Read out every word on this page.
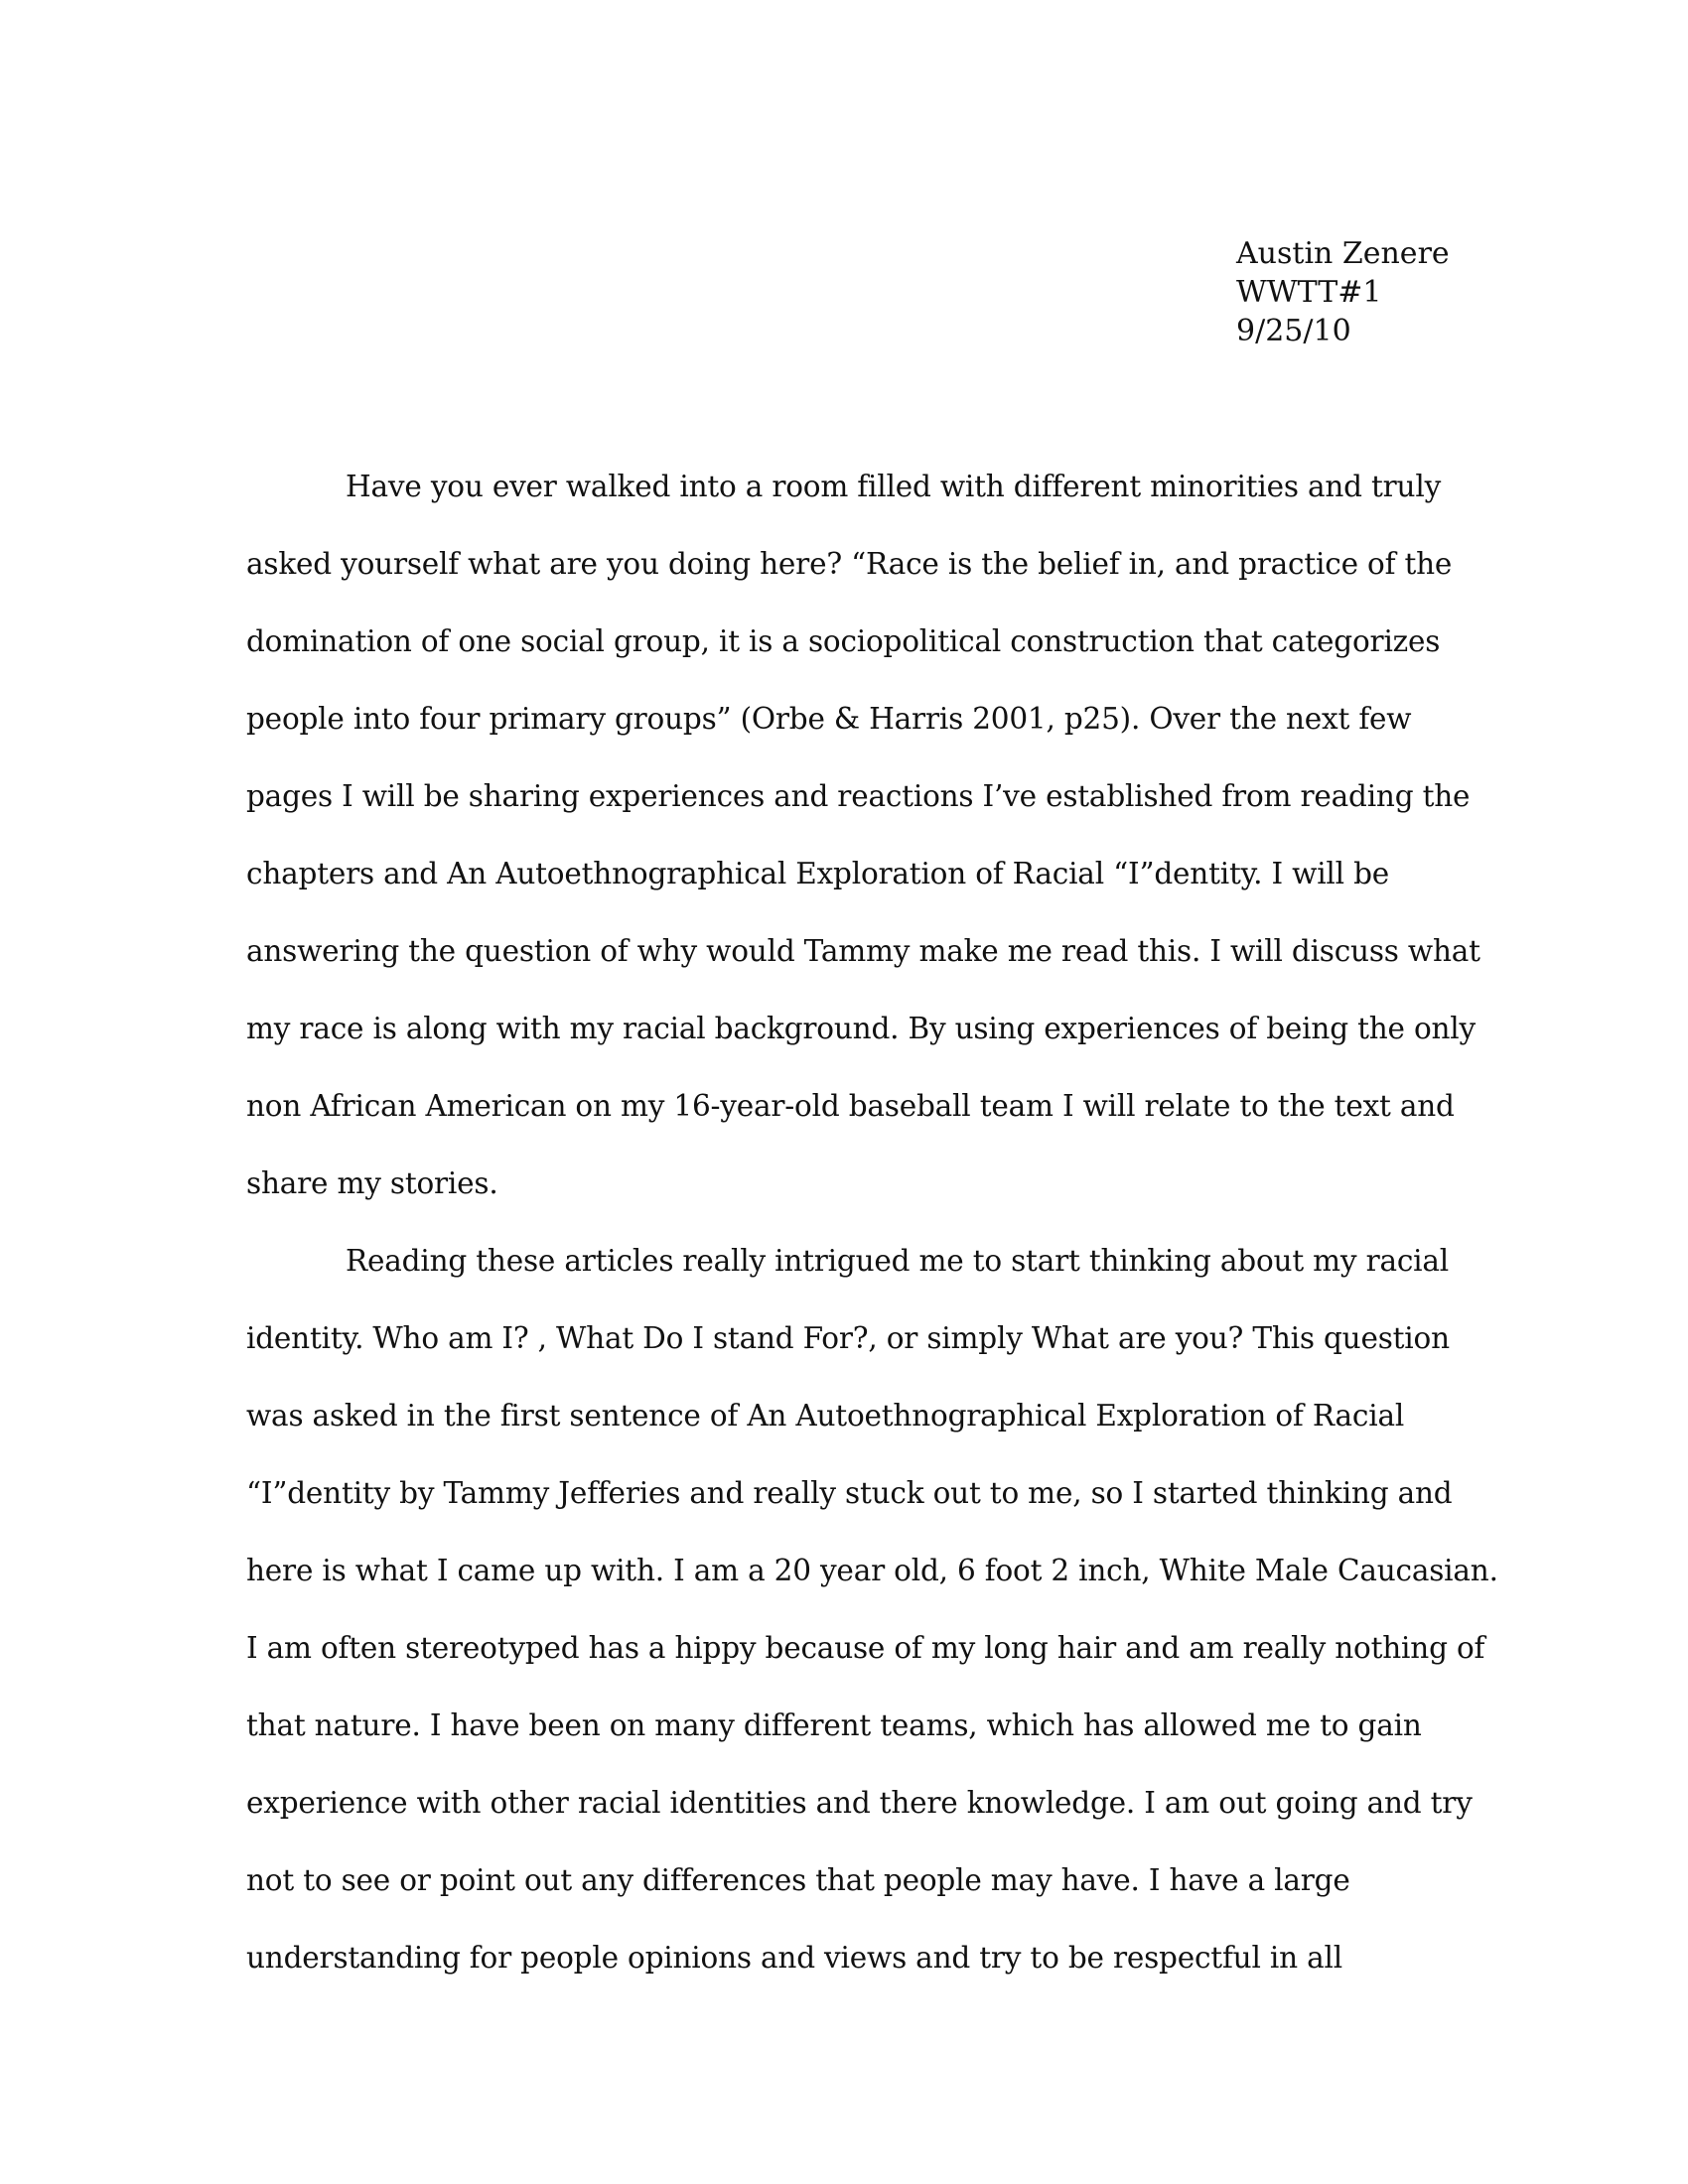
Austin Zenere
WWTT#1
9/25/10
Have you ever walked into a room filled with different minorities and truly
asked yourself what are you doing here? “Race is the belief in, and practice of the
domination of one social group, it is a sociopolitical construction that categorizes
people into four primary groups” (Orbe & Harris 2001, p25). Over the next few
pages I will be sharing experiences and reactions I’ve established from reading the
chapters and An Autoethnographical Exploration of Racial “I”dentity. I will be
answering the question of why would Tammy make me read this. I will discuss what
my race is along with my racial background. By using experiences of being the only
non African American on my 16-year-old baseball team I will relate to the text and
share my stories.
Reading these articles really intrigued me to start thinking about my racial
identity. Who am I? , What Do I stand For?, or simply What are you? This question
was asked in the first sentence of An Autoethnographical Exploration of Racial
“I”dentity by Tammy Jefferies and really stuck out to me, so I started thinking and
here is what I came up with. I am a 20 year old, 6 foot 2 inch, White Male Caucasian.
I am often stereotyped has a hippy because of my long hair and am really nothing of
that nature. I have been on many different teams, which has allowed me to gain
experience with other racial identities and there knowledge. I am out going and try
not to see or point out any differences that people may have. I have a large
understanding for people opinions and views and try to be respectful in all
